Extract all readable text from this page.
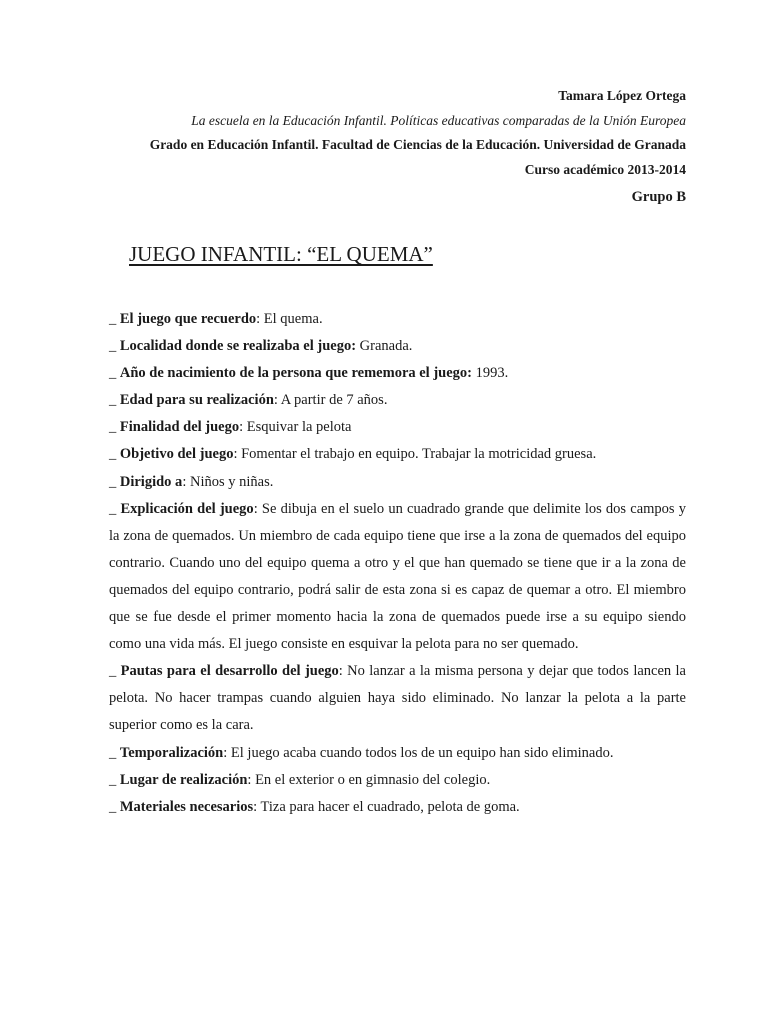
Tamara López Ortega
La escuela en la Educación Infantil. Políticas educativas comparadas de la Unión Europea
Grado en Educación Infantil. Facultad de Ciencias de la Educación. Universidad de Granada
Curso académico 2013-2014
Grupo B
JUEGO INFANTIL: “EL QUEMA”
_ El juego que recuerdo: El quema.
_ Localidad donde se realizaba el juego: Granada.
_ Año de nacimiento de la persona que rememora el juego: 1993.
_ Edad para su realización: A partir de 7 años.
_ Finalidad del juego: Esquivar la pelota
_ Objetivo del juego: Fomentar el trabajo en equipo. Trabajar la motricidad gruesa.
_ Dirigido a: Niños y niñas.
_ Explicación del juego: Se dibuja en el suelo un cuadrado grande que delimite los dos campos y la zona de quemados. Un miembro de cada equipo tiene que irse a la zona de quemados del equipo contrario. Cuando uno del equipo quema a otro y el que han quemado se tiene que ir a la zona de quemados del equipo contrario, podrá salir de esta zona si es capaz de quemar a otro. El miembro que se fue desde el primer momento hacia la zona de quemados puede irse a su equipo siendo como una vida más. El juego consiste en esquivar la pelota para no ser quemado.
_ Pautas para el desarrollo del juego: No lanzar a la misma persona y dejar que todos lancen la pelota. No hacer trampas cuando alguien haya sido eliminado. No lanzar la pelota a la parte superior como es la cara.
_ Temporalización: El juego acaba cuando todos los de un equipo han sido eliminado.
_ Lugar de realización: En el exterior o en gimnasio del colegio.
_ Materiales necesarios: Tiza para hacer el cuadrado, pelota de goma.
